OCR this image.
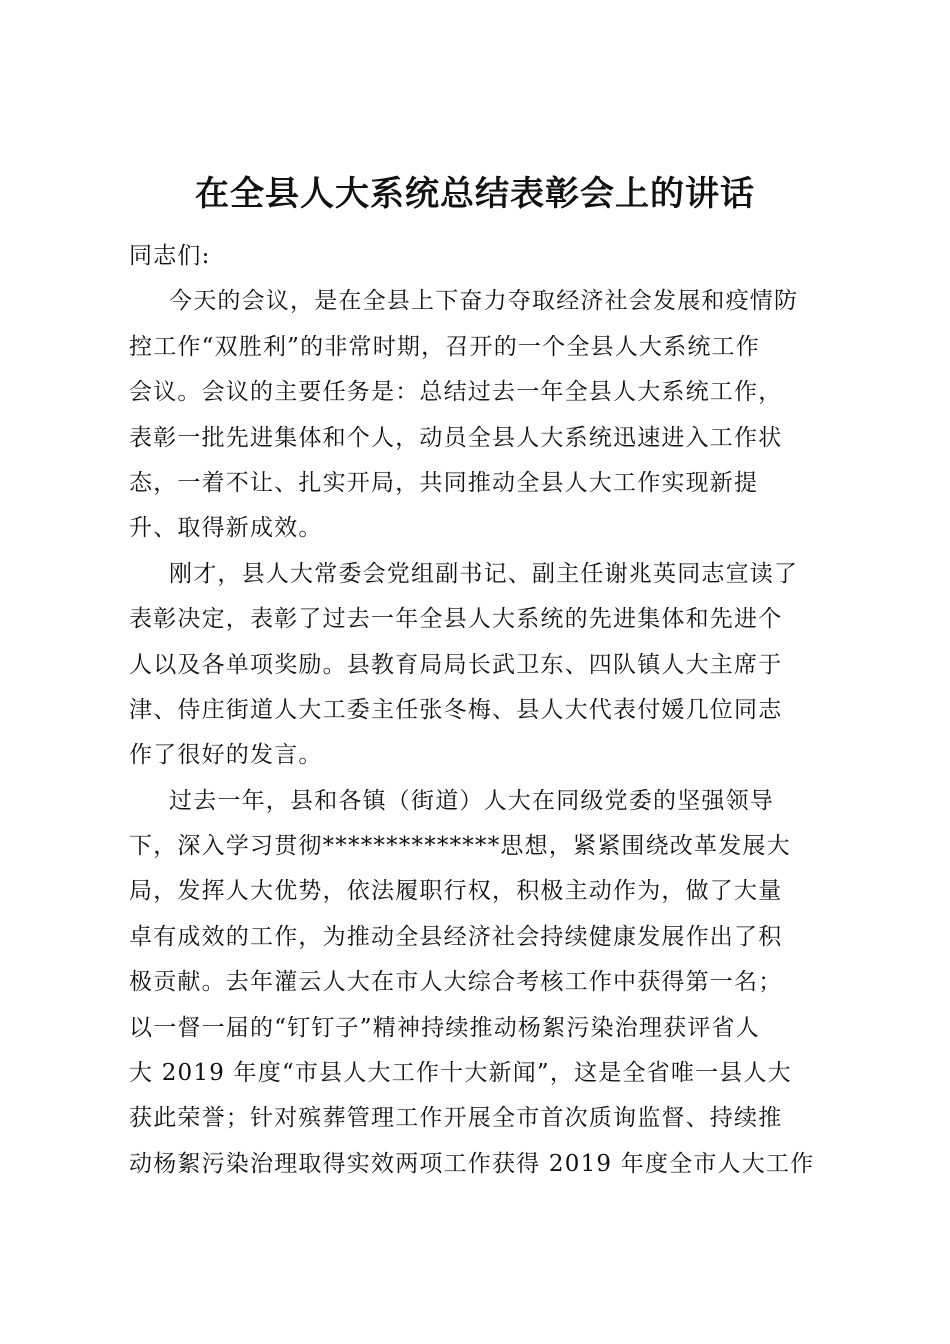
在全县人大系统总结表彰会上的讲话
同志们:
今天的会议，是在全县上下奋力夺取经济社会发展和疫情防
控工作“双胜利”的非常时期，召开的一个全县人大系统工作
会议。会议的主要任务是：总结过去一年全县人大系统工作，
表彰一批先进集体和个人，动员全县人大系统迅速进入工作状
态，一着不让、扎实开局，共同推动全县人大工作实现新提
升、取得新成效。
刚才，县人大常委会党组副书记、副主任谢兆英同志宣读了
表彰决定，表彰了过去一年全县人大系统的先进集体和先进个
人以及各单项奖励。县教育局局长武卫东、四队镇人大主席于
津、侍庄街道人大工委主任张冬梅、县人大代表付媛几位同志
作了很好的发言。
过去一年，县和各镇（街道）人大在同级党委的坚强领导
下，深入学习贯彻**************思想，紧紧围绕改革发展大
局，发挥人大优势，依法履职行权，积极主动作为，做了大量
卓有成效的工作，为推动全县经济社会持续健康发展作出了积
极贡献。去年灌云人大在市人大综合考核工作中获得第一名；
以一督一届的“钉钉子”精神持续推动杨絮污染治理获评省人
大 2019 年度“市县人大工作十大新闻”，这是全省唯一县人大
获此荣誉；针对殡葬管理工作开展全市首次质询监督、持续推
动杨絮污染治理取得实效两项工作获得 2019 年度全市人大工作
